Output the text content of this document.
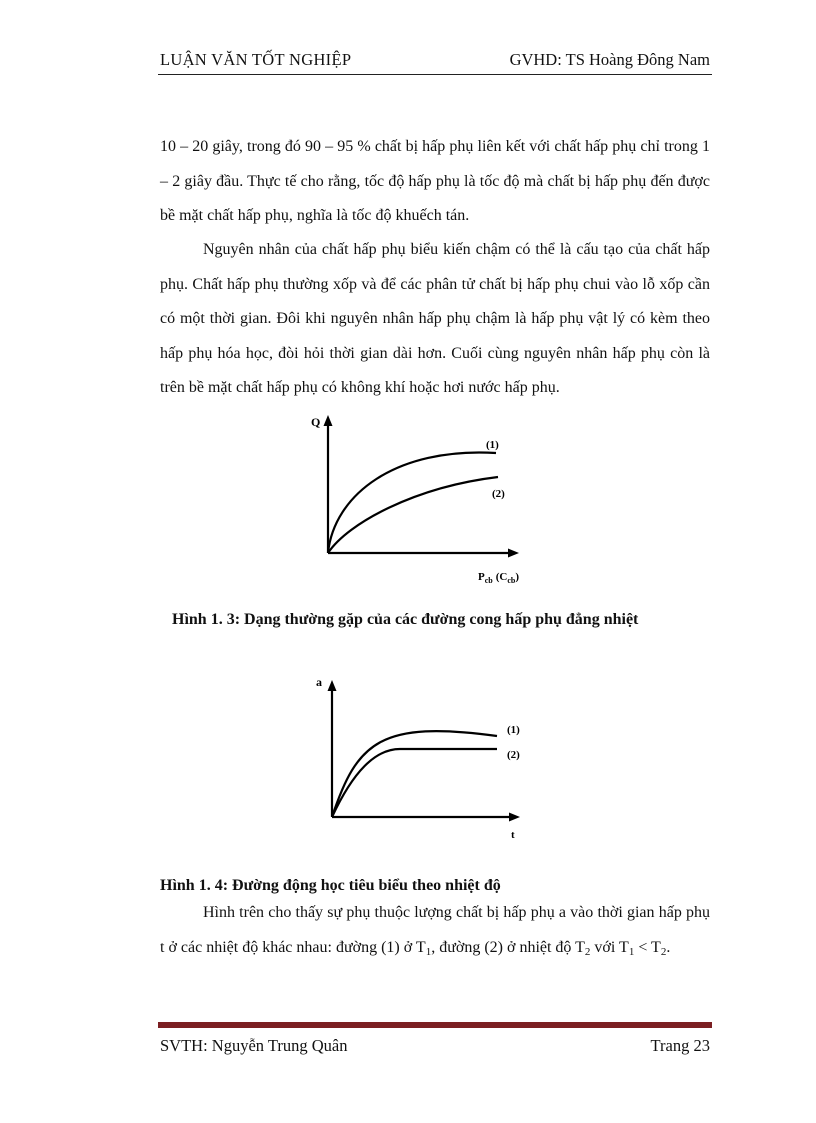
LUẬN VĂN TỐT NGHIỆP	GVHD: TS Hoàng Đông Nam

10 – 20 giây, trong đó 90 – 95 % chất bị hấp phụ liên kết với chất hấp phụ chỉ trong 1 – 2 giây đầu. Thực tế cho rằng, tốc độ hấp phụ là tốc độ mà chất bị hấp phụ đến được bề mặt chất hấp phụ, nghĩa là tốc độ khuếch tán.

Nguyên nhân của chất hấp phụ biểu kiến chậm có thể là cấu tạo của chất hấp phụ. Chất hấp phụ thường xốp và để các phân tử chất bị hấp phụ chui vào lỗ xốp cần có một thời gian. Đôi khi nguyên nhân hấp phụ chậm là hấp phụ vật lý có kèm theo hấp phụ hóa học, đòi hỏi thời gian dài hơn. Cuối cùng nguyên nhân hấp phụ còn là trên bề mặt chất hấp phụ có không khí hoặc hơi nước hấp phụ.

Q
(1)
(2)
$P_{cb}$ $(C_{cb})$

Hình 1. 3: Dạng thường gặp của các đường cong hấp phụ đẳng nhiệt

a
(1)
(2)
t

Hình 1. 4: Đường động học tiêu biểu theo nhiệt độ

Hình trên cho thấy sự phụ thuộc lượng chất bị hấp phụ a vào thời gian hấp phụ t ở các nhiệt độ khác nhau: đường (1) ở $T_1$, đường (2) ở nhiệt độ $T_2$ với $T_1 < T_2$.

SVTH: Nguyễn Trung Quân	Trang 23
